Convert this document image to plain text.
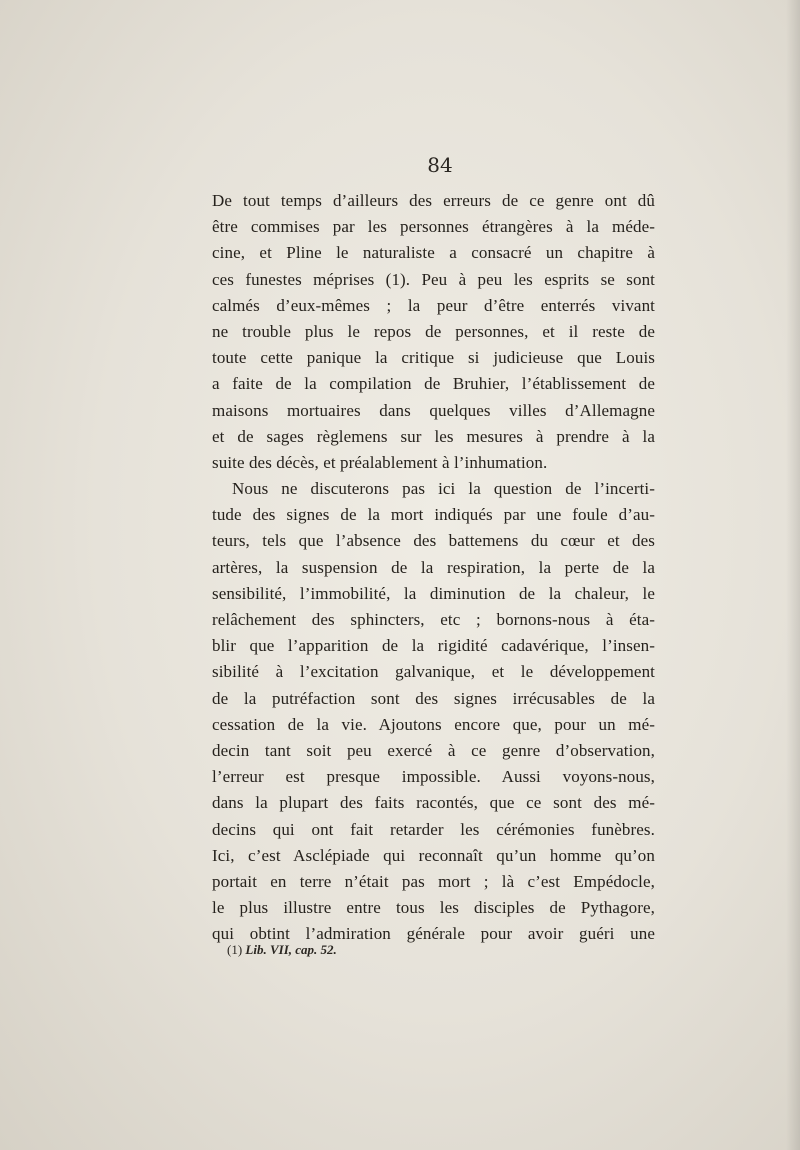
84
De tout temps d’ailleurs des erreurs de ce genre ont dû
être commises par les personnes étrangères à la méde-
cine, et Pline le naturaliste a consacré un chapitre à
ces funestes méprises (1). Peu à peu les esprits se sont
calmés d’eux-mêmes ; la peur d’être enterrés vivant
ne trouble plus le repos de personnes, et il reste de
toute cette panique la critique si judicieuse que Louis
a faite de la compilation de Bruhier, l’établissement de
maisons mortuaires dans quelques villes d’Allemagne
et de sages règlemens sur les mesures à prendre à la
suite des décès, et préalablement à l’inhumation.
Nous ne discuterons pas ici la question de l’incerti-
tude des signes de la mort indiqués par une foule d’au-
teurs, tels que l’absence des battemens du cœur et des
artères, la suspension de la respiration, la perte de la
sensibilité, l’immobilité, la diminution de la chaleur, le
relâchement des sphincters, etc ; bornons-nous à éta-
blir que l’apparition de la rigidité cadavérique, l’insen-
sibilité à l’excitation galvanique, et le développement
de la putréfaction sont des signes irrécusables de la
cessation de la vie. Ajoutons encore que, pour un mé-
decin tant soit peu exercé à ce genre d’observation,
l’erreur est presque impossible. Aussi voyons-nous,
dans la plupart des faits racontés, que ce sont des mé-
decins qui ont fait retarder les cérémonies funèbres.
Ici, c’est Asclépiade qui reconnaît qu’un homme qu’on
portait en terre n’était pas mort ; là c’est Empédocle,
le plus illustre entre tous les disciples de Pythagore,
qui obtint l’admiration générale pour avoir guéri une
(1) Lib. VII, cap. 52.
